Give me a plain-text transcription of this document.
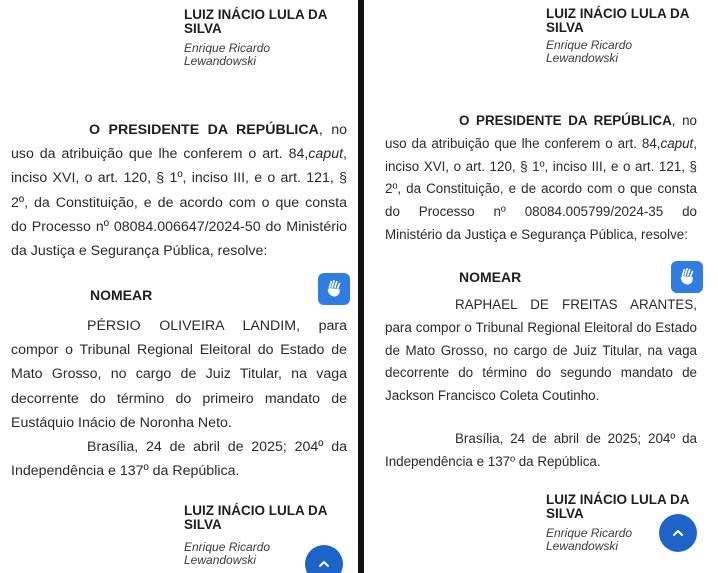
LUIZ INÁCIO LULA DA SILVA
Enrique Ricardo Lewandowski
O PRESIDENTE DA REPÚBLICA, no uso da atribuição que lhe conferem o art. 84,caput, inciso XVI, o art. 120, § 1º, inciso III, e o art. 121, § 2º, da Constituição, e de acordo com o que consta do Processo nº 08084.006647/2024-50 do Ministério da Justiça e Segurança Pública, resolve:
NOMEAR
PÉRSIO OLIVEIRA LANDIM, para compor o Tribunal Regional Eleitoral do Estado de Mato Grosso, no cargo de Juiz Titular, na vaga decorrente do término do primeiro mandato de Eustáquio Inácio de Noronha Neto.
Brasília, 24 de abril de 2025; 204º da Independência e 137º da República.
LUIZ INÁCIO LULA DA SILVA
Enrique Ricardo Lewandowski
LUIZ INÁCIO LULA DA SILVA
Enrique Ricardo Lewandowski
O PRESIDENTE DA REPÚBLICA, no uso da atribuição que lhe conferem o art. 84,caput, inciso XVI, o art. 120, § 1º, inciso III, e o art. 121, § 2º, da Constituição, e de acordo com o que consta do Processo nº 08084.005799/2024-35 do Ministério da Justiça e Segurança Pública, resolve:
NOMEAR
RAPHAEL DE FREITAS ARANTES, para compor o Tribunal Regional Eleitoral do Estado de Mato Grosso, no cargo de Juiz Titular, na vaga decorrente do término do segundo mandato de Jackson Francisco Coleta Coutinho.
Brasília, 24 de abril de 2025; 204º da Independência e 137º da República.
LUIZ INÁCIO LULA DA SILVA
Enrique Ricardo Lewandowski
